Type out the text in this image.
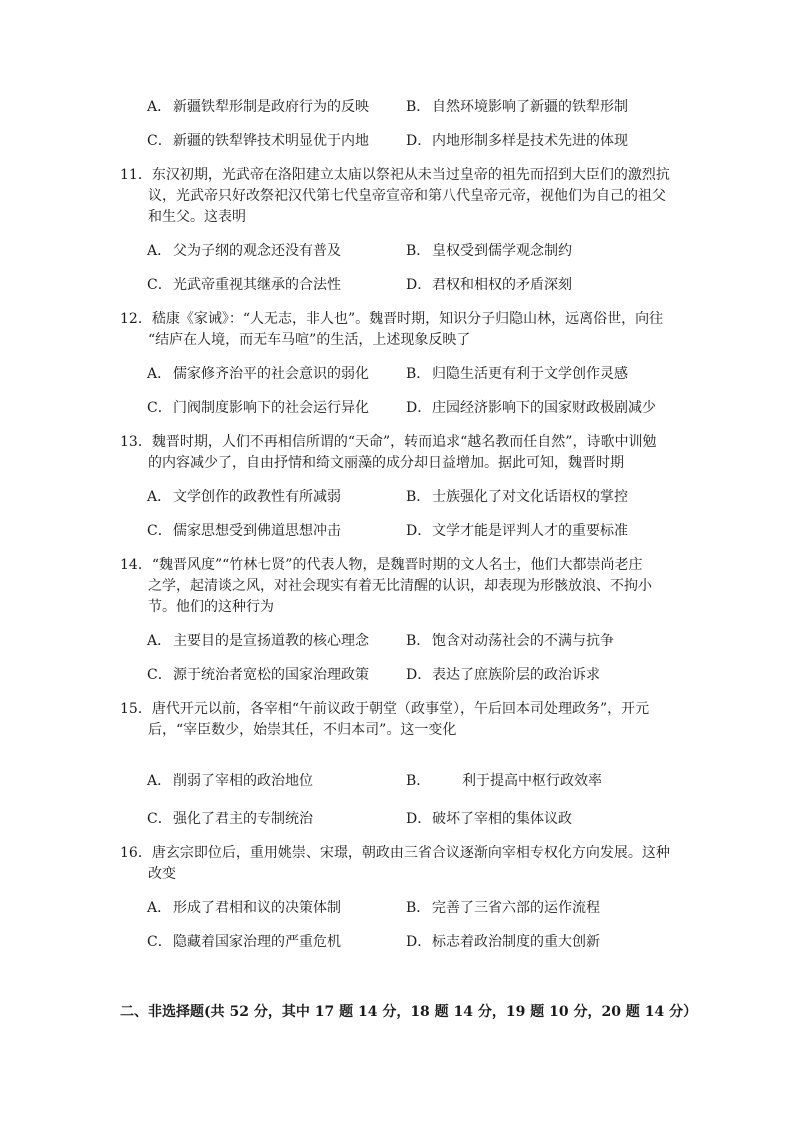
A． 新疆铁犁形制是政府行为的反映	B． 自然环境影响了新疆的铁犁形制
C．新疆的铁犁铧技术明显优于内地	D．内地形制多样是技术先进的体现
11．东汉初期，光武帝在洛阳建立太庙以祭祀从未当过皇帝的祖先而招到大臣们的激烈抗
议，光武帝只好改祭祀汉代第七代皇帝宣帝和第八代皇帝元帝，视他们为自己的祖父
和生父。这表明
A． 父为子纲的观念还没有普及	B． 皇权受到儒学观念制约
C．光武帝重视其继承的合法性	D．君权和相权的矛盾深刻
12．嵇康《家诫》：“人无志，非人也”。魏晋时期，知识分子归隐山林，远离俗世，向往
“结庐在人境，而无车马喧”的生活，上述现象反映了
A． 儒家修齐治平的社会意识的弱化	B． 归隐生活更有利于文学创作灵感
C．门阀制度影响下的社会运行异化	D．庄园经济影响下的国家财政极剧减少
13．魏晋时期，人们不再相信所谓的“天命”，转而追求“越名教而任自然”，诗歌中训勉
的内容减少了，自由抒情和绮文丽藻的成分却日益增加。据此可知，魏晋时期
A． 文学创作的政教性有所减弱	B． 士族强化了对文化话语权的掌控
C．儒家思想受到佛道思想冲击	D．文学才能是评判人才的重要标准
14．“魏晋风度”“竹林七贤”的代表人物，是魏晋时期的文人名士，他们大都崇尚老庄
之学，起清谈之风，对社会现实有着无比清醒的认识，却表现为形骸放浪、不拘小
节。他们的这种行为
A． 主要目的是宣扬道教的核心理念	B． 饱含对动荡社会的不满与抗争
C．源于统治者宽松的国家治理政策	D．表达了庶族阶层的政治诉求
15．唐代开元以前，各宰相“午前议政于朝堂（政事堂），午后回本司处理政务”，开元
后，“宰臣数少，始崇其任，不归本司”。这一变化
A． 削弱了宰相的政治地位	B． 利于提高中枢行政效率
C．强化了君主的专制统治	D．破坏了宰相的集体议政
16．唐玄宗即位后，重用姚崇、宋璟，朝政由三省合议逐渐向宰相专权化方向发展。这种
改变
A． 形成了君相和议的决策体制	B． 完善了三省六部的运作流程
C．隐藏着国家治理的严重危机	D．标志着政治制度的重大创新
二、非选择题(共 52 分，其中 17 题 14 分，18 题 14 分，19 题 10 分，20 题 14 分）
